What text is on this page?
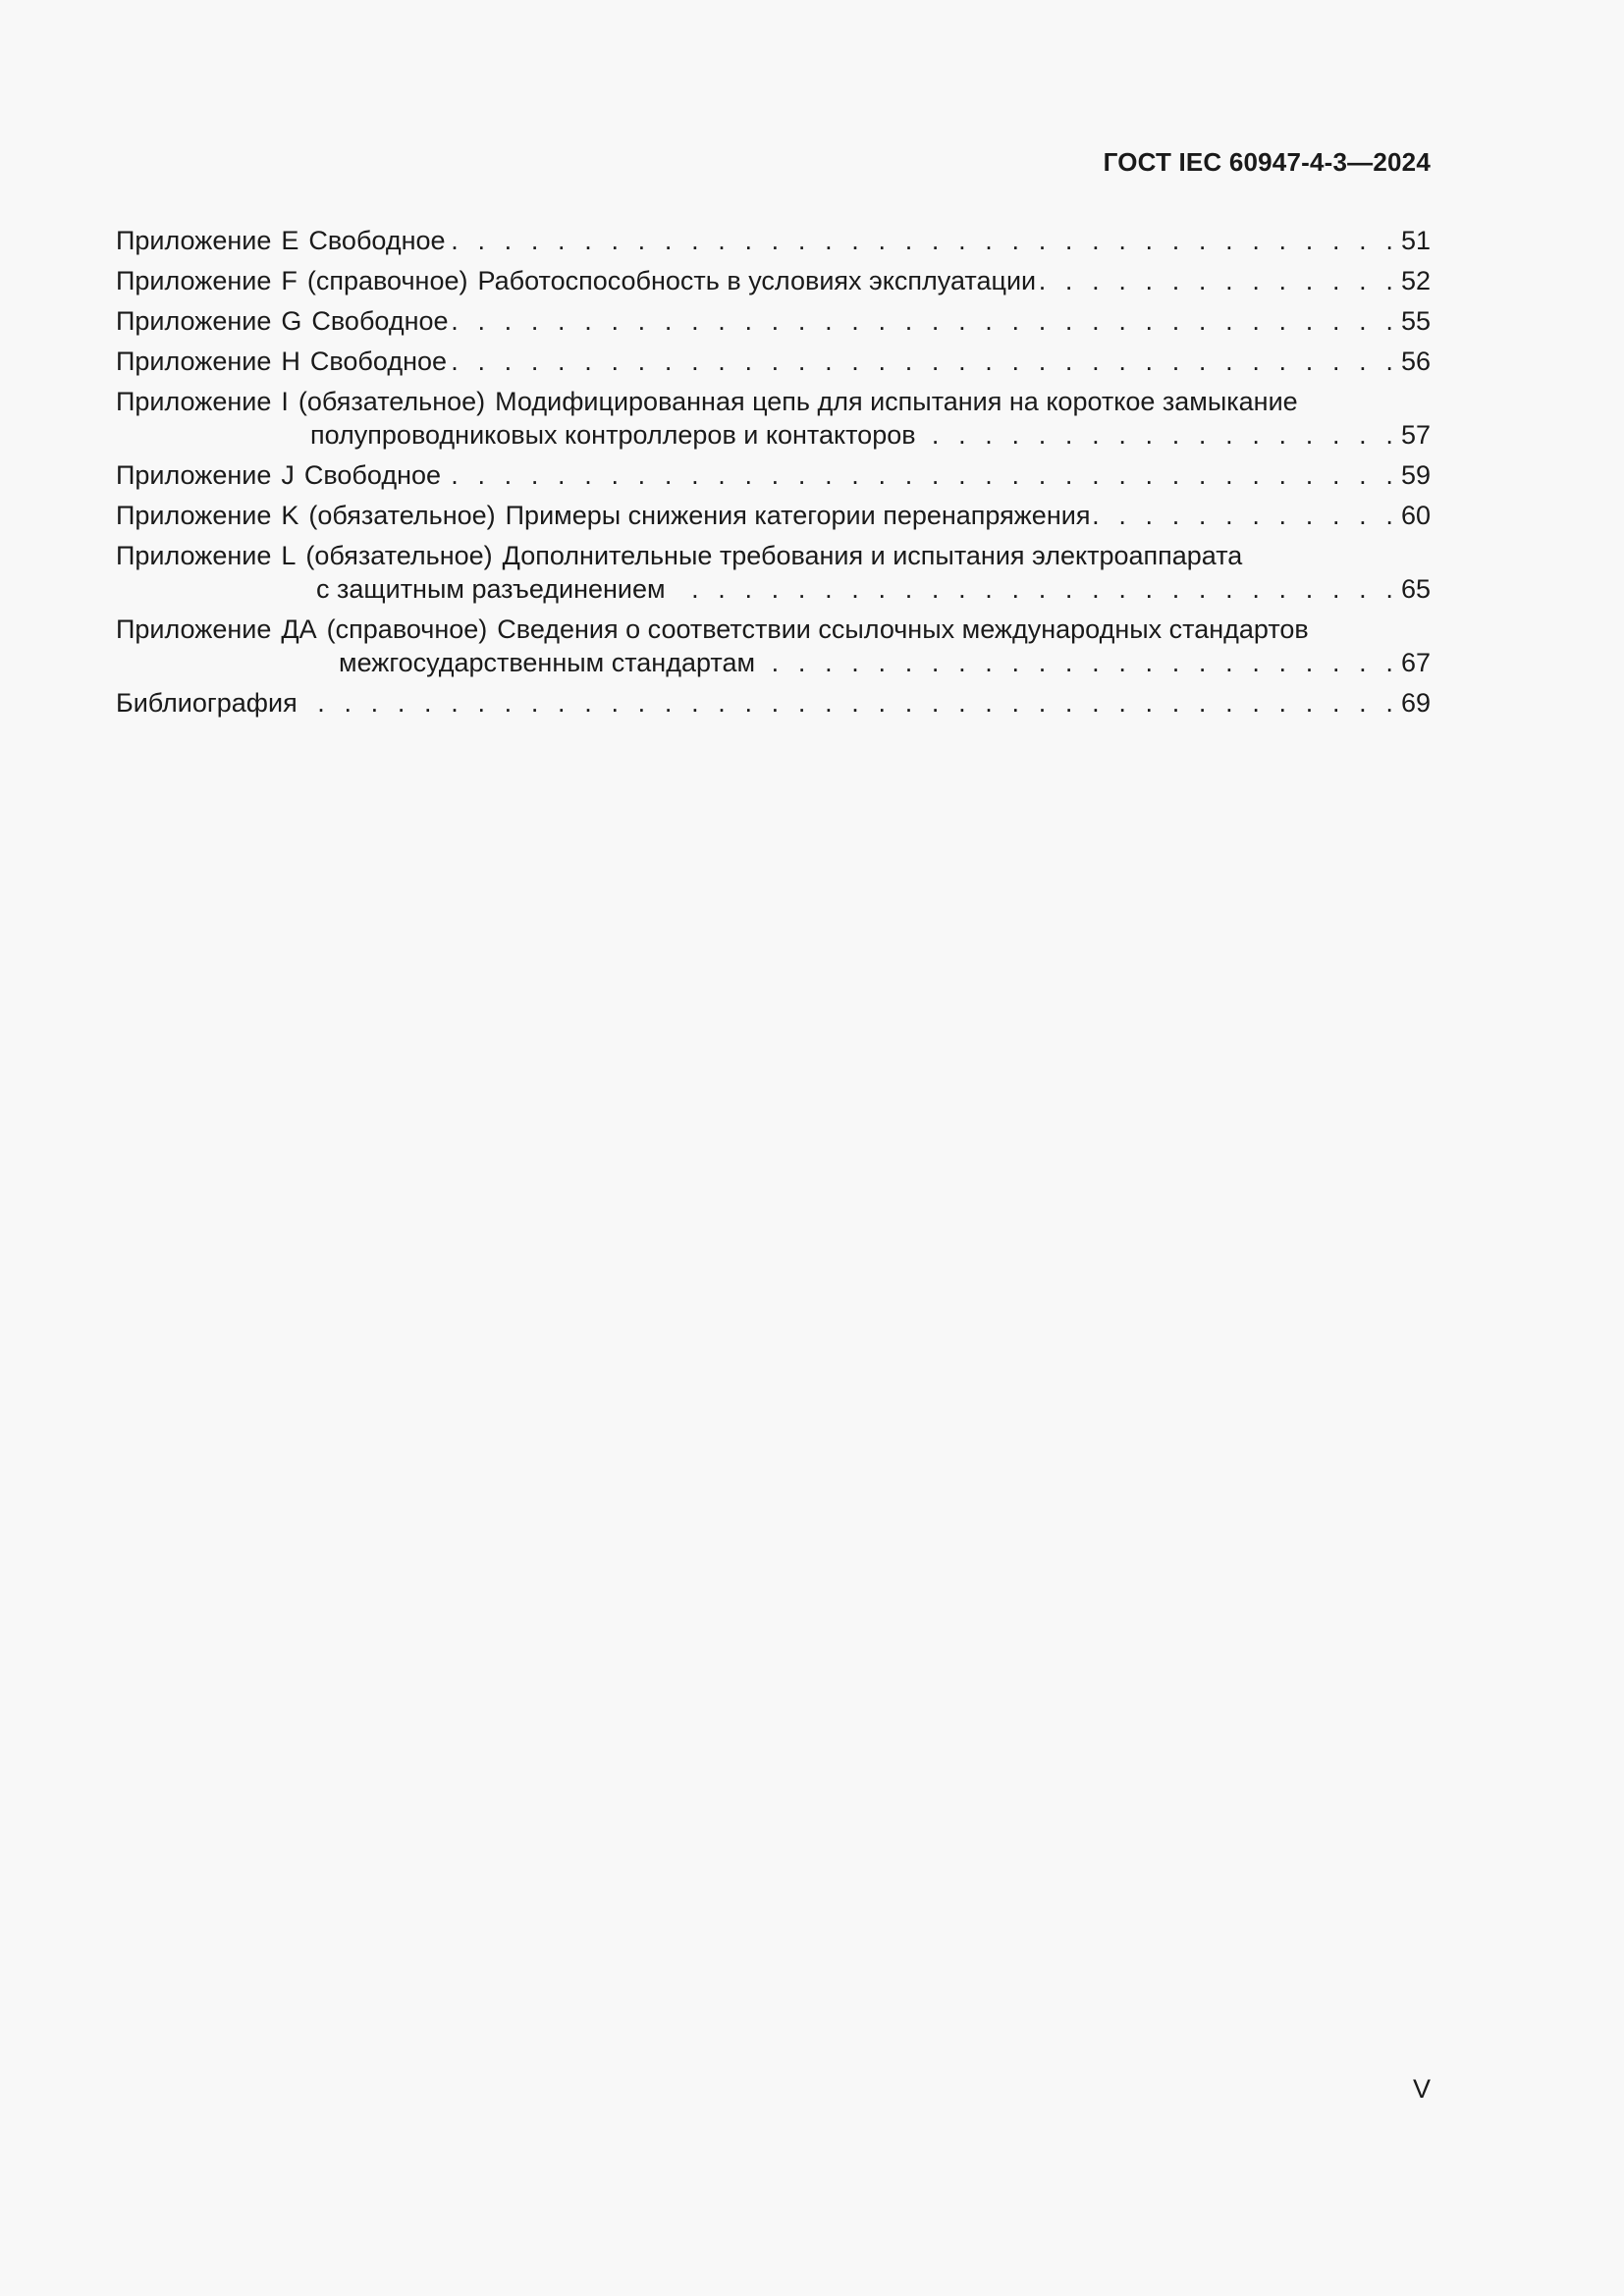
ГОСТ IEC 60947-4-3—2024
Приложение E Свободное . . .	51
Приложение F (справочное) Работоспособность в условиях эксплуатации . . .	52
Приложение G Свободное . . .	55
Приложение H Свободное . . .	56
Приложение I (обязательное) Модифицированная цепь для испытания на короткое замыкание
полупроводниковых контроллеров и контакторов . . .	57
Приложение J Свободное . . .	59
Приложение K (обязательное) Примеры снижения категории перенапряжения . . .	60
Приложение L (обязательное) Дополнительные требования и испытания электроаппарата
с защитным разъединением . . .	65
Приложение ДА (справочное) Сведения о соответствии ссылочных международных стандартов
межгосударственным стандартам . . .	67
Библиография . . .	69
V
